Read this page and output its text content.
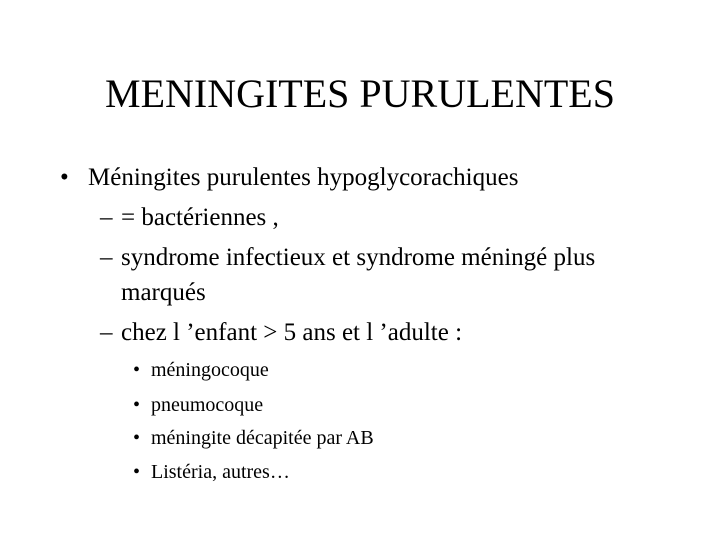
MENINGITES PURULENTES
• Méningites purulentes hypoglycorachiques
– = bactériennes ,
– syndrome infectieux et syndrome méningé plus
marqués
– chez l ’enfant > 5 ans et l ’adulte :
• méningocoque
• pneumocoque
• méningite décapitée par AB
• Listéria, autres…
